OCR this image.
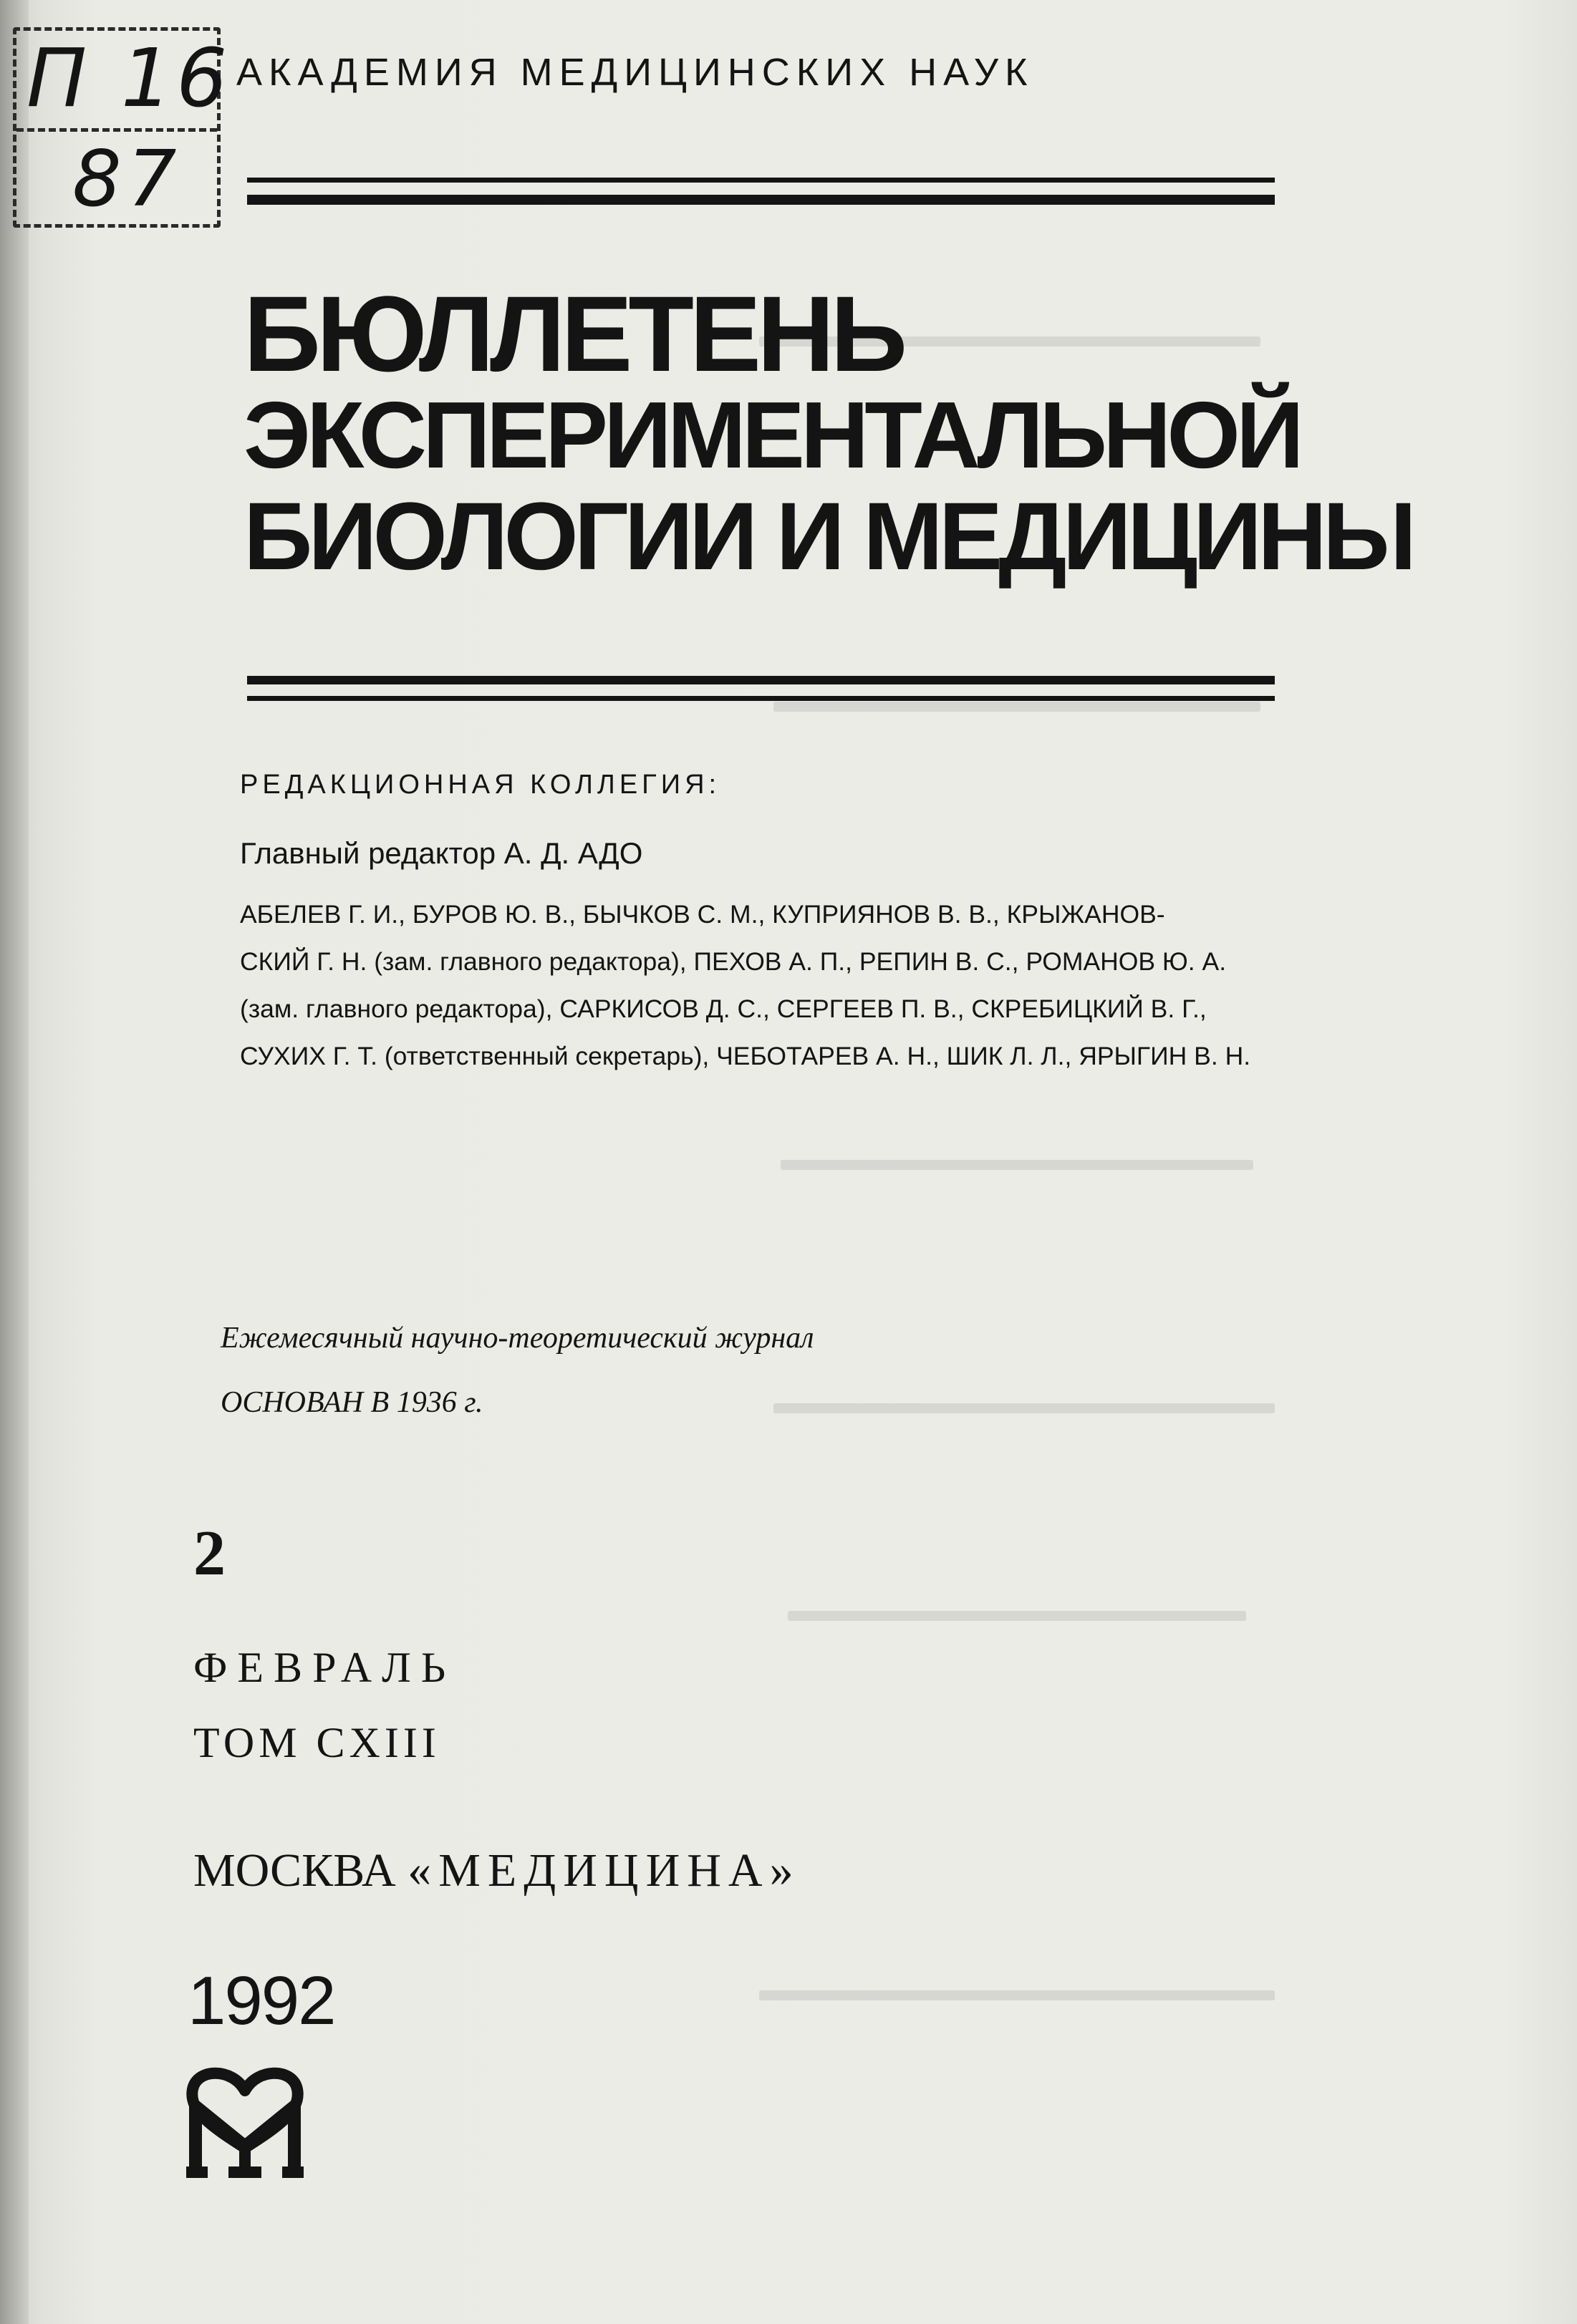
П 16
87
АКАДЕМИЯ МЕДИЦИНСКИХ НАУК
БЮЛЛЕТЕНЬ
ЭКСПЕРИМЕНТАЛЬНОЙ
БИОЛОГИИ И МЕДИЦИНЫ
РЕДАКЦИОННАЯ КОЛЛЕГИЯ:
Главный редактор А. Д. АДО
АБЕЛЕВ Г. И., БУРОВ Ю. В., БЫЧКОВ С. М., КУПРИЯНОВ В. В., КРЫЖАНОВ-
СКИЙ Г. Н. (зам. главного редактора), ПЕХОВ А. П., РЕПИН В. С., РОМАНОВ Ю. А.
(зам. главного редактора), САРКИСОВ Д. С., СЕРГЕЕВ П. В., СКРЕБИЦКИЙ В. Г.,
СУХИХ Г. Т. (ответственный секретарь), ЧЕБОТАРЕВ А. Н., ШИК Л. Л., ЯРЫГИН В. Н.
Ежемесячный научно-теоретический журнал
ОСНОВАН В 1936 г.
2
ФЕВРАЛЬ
ТОМ CXIII
МОСКВА «МЕДИЦИНА»
1992
